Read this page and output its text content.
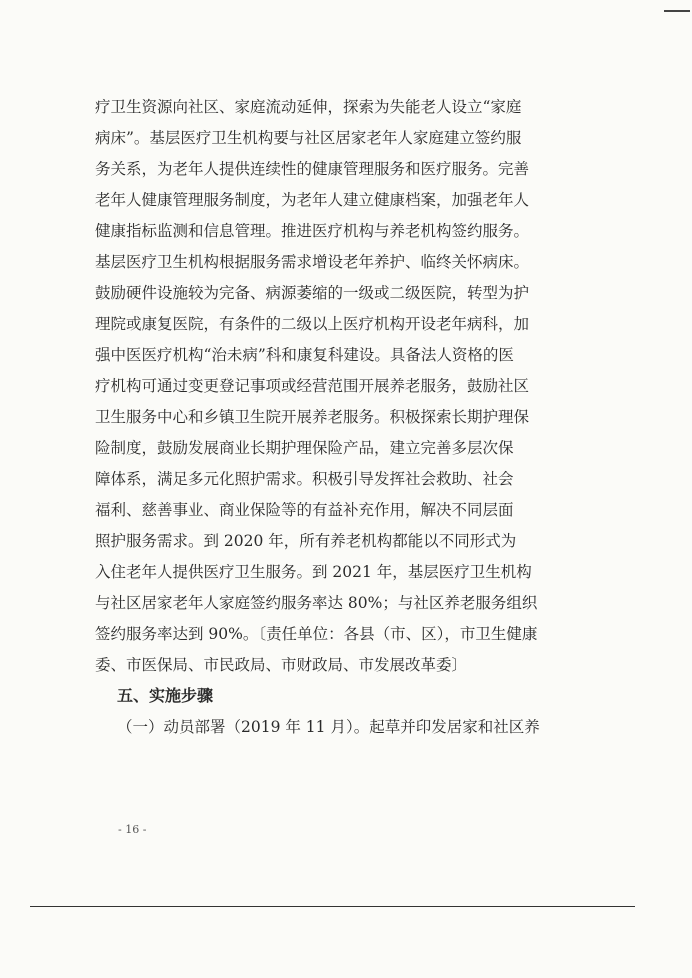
疗卫生资源向社区、家庭流动延伸，探索为失能老人设立“家庭
病床”。基层医疗卫生机构要与社区居家老年人家庭建立签约服
务关系，为老年人提供连续性的健康管理服务和医疗服务。完善
老年人健康管理服务制度，为老年人建立健康档案，加强老年人
健康指标监测和信息管理。推进医疗机构与养老机构签约服务。
基层医疗卫生机构根据服务需求增设老年养护、临终关怀病床。
鼓励硬件设施较为完备、病源萎缩的一级或二级医院，转型为护
理院或康复医院，有条件的二级以上医疗机构开设老年病科，加
强中医医疗机构“治未病”科和康复科建设。具备法人资格的医
疗机构可通过变更登记事项或经营范围开展养老服务，鼓励社区
卫生服务中心和乡镇卫生院开展养老服务。积极探索长期护理保
险制度，鼓励发展商业长期护理保险产品，建立完善多层次保
障体系，满足多元化照护需求。积极引导发挥社会救助、社会
福利、慈善事业、商业保险等的有益补充作用，解决不同层面
照护服务需求。到 2020 年，所有养老机构都能以不同形式为
入住老年人提供医疗卫生服务。到 2021 年，基层医疗卫生机构
与社区居家老年人家庭签约服务率达 80%；与社区养老服务组织
签约服务率达到 90%。〔责任单位：各县（市、区），市卫生健康
委、市医保局、市民政局、市财政局、市发展改革委〕
五、实施步骤
（一）动员部署（2019 年 11 月）。起草并印发居家和社区养
- 16 -
